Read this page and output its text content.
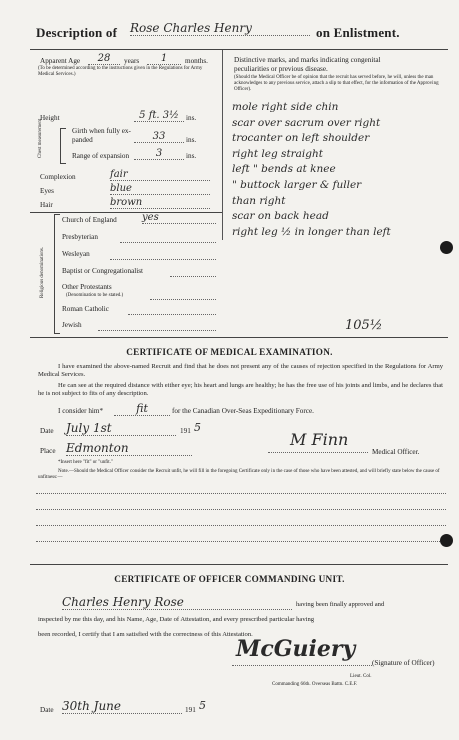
Description of Rose Charles Henry	on Enlistment.
Apparent Age	28	years	1	months.
(To be determined according to the instructions given in the Regulations for Army Medical Services.)
Height	5 ft. 3½ ins.
Chest measurement	Girth when fully ex-
panded	33	ins.
Range of expansion	3	ins.
Complexion	fair
Eyes	blue
Hair	brown
Religious denominations.
Church of England	yes
Presbyterian
Wesleyan
Baptist or Congregationalist
Other Protestants
(Denomination to be stated.)
Roman Catholic
Jewish
Distinctive marks, and marks indicating congenital
peculiarities or previous disease.
(Should the Medical Officer be of opinion that the recruit has served before, he will, unless the man acknowledges to any previous service, attach a slip to that effect, for the information of the Approving Officer).
mole right side chin
scar over sacrum over right
trocanter on left shoulder
right leg straight
left " bends at knee
" buttock larger & fuller
than right
scar on back head
right leg ½ in longer than left
105½
CERTIFICATE OF MEDICAL EXAMINATION.
I have examined the above-named Recruit and find that he does not present any of the causes of rejection specified in the Regulations for Army Medical Services.
He can see at the required distance with either eye; his heart and lungs are healthy; he has the free use of his joints and limbs, and he declares that he is not subject to fits of any description.
I consider him*	fit	for the Canadian Over-Seas Expeditionary Force.
Date July 1st	191 5
Place Edmonton	M Finn
Medical Officer.
*Insert here "fit" or "unfit."
Note.—Should the Medical Officer consider the Recruit unfit, he will fill in the foregoing Certificate only in the case of those who have been attested, and will briefly state below the cause of unfitness:—
CERTIFICATE OF OFFICER COMMANDING UNIT.
Charles Henry Rose	having been finally approved and
inspected by me this day, and his Name, Age, Date of Attestation, and every prescribed particular having
been recorded, I certify that I am satisfied with the correctness of this Attestation.
McGuiery
(Signature of Officer)
Lieut. Col.
Commanding 66th. Overseas Battn. C.E.F.
Date 30th June	191 5
